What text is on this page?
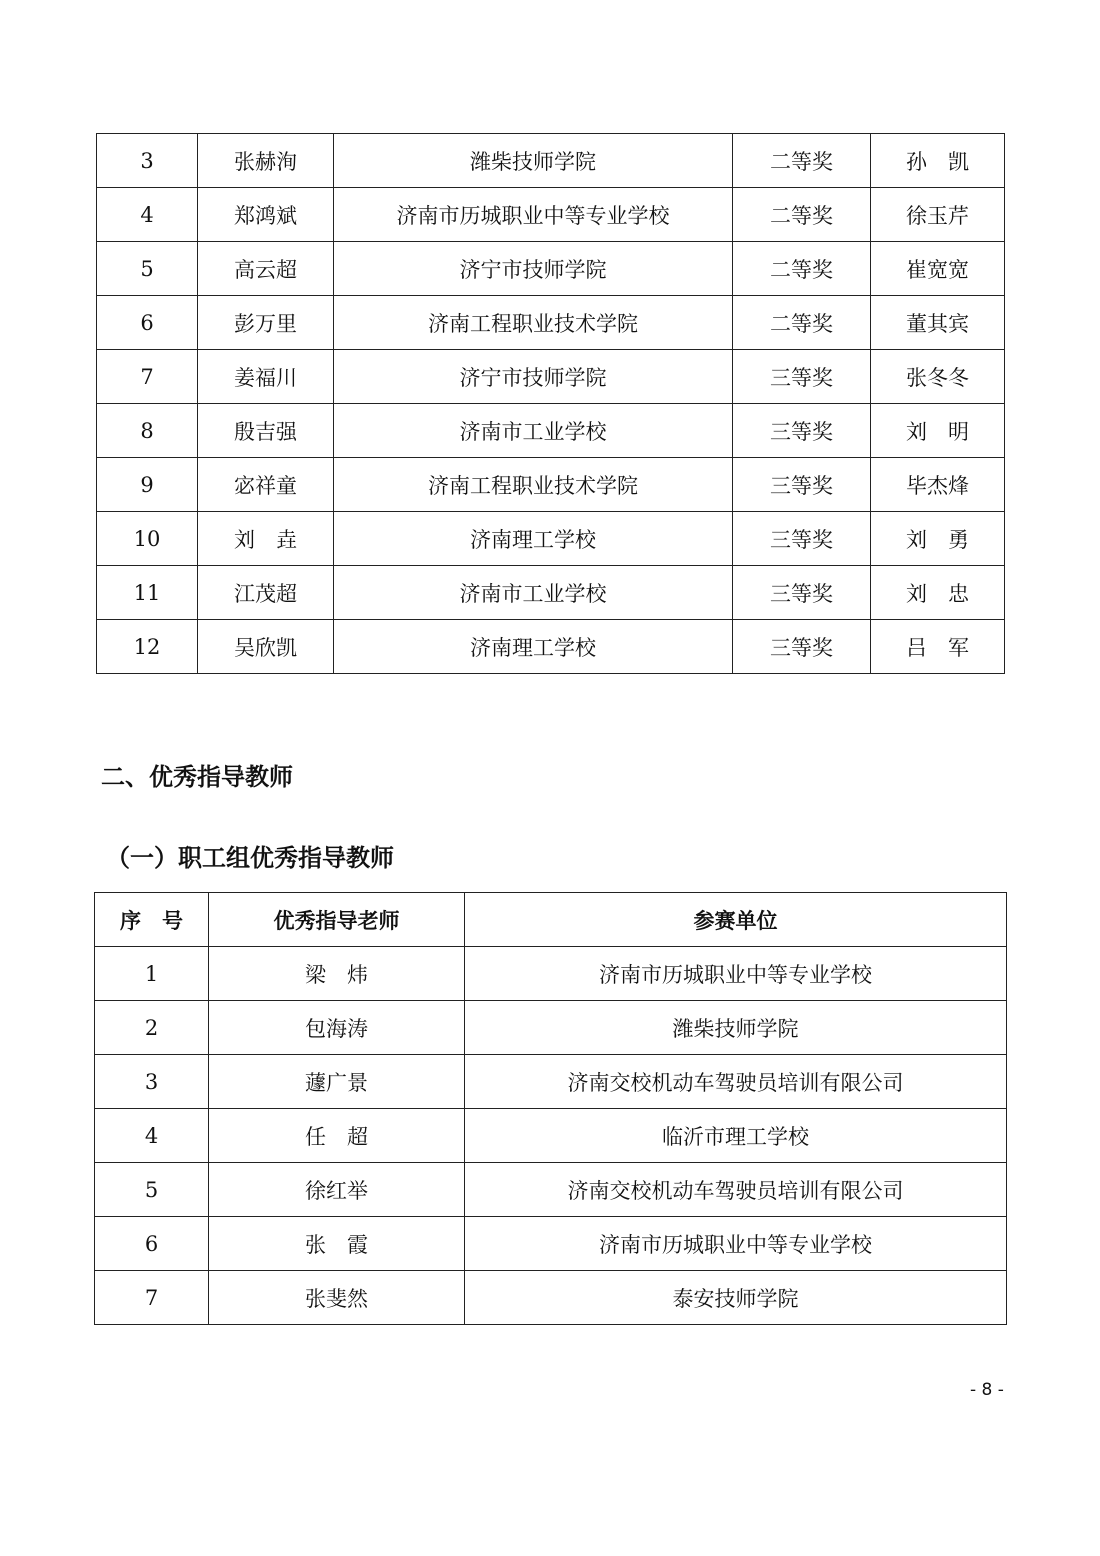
3	张赫洵	潍柴技师学院	二等奖	孙　凯
4	郑鸿斌	济南市历城职业中等专业学校	二等奖	徐玉芹
5	高云超	济宁市技师学院	二等奖	崔宽宽
6	彭万里	济南工程职业技术学院	二等奖	董其宾
7	姜福川	济宁市技师学院	三等奖	张冬冬
8	殷吉强	济南市工业学校	三等奖	刘　明
9	宓祥童	济南工程职业技术学院	三等奖	毕杰烽
10	刘　垚	济南理工学校	三等奖	刘　勇
11	江茂超	济南市工业学校	三等奖	刘　忠
12	吴欣凯	济南理工学校	三等奖	吕　军
二、优秀指导教师
（一）职工组优秀指导教师
序　号	优秀指导老师	参赛单位
1	梁　炜	济南市历城职业中等专业学校
2	包海涛	潍柴技师学院
3	蘧广景	济南交校机动车驾驶员培训有限公司
4	任　超	临沂市理工学校
5	徐红举	济南交校机动车驾驶员培训有限公司
6	张　霞	济南市历城职业中等专业学校
7	张斐然	泰安技师学院
- 8 -
